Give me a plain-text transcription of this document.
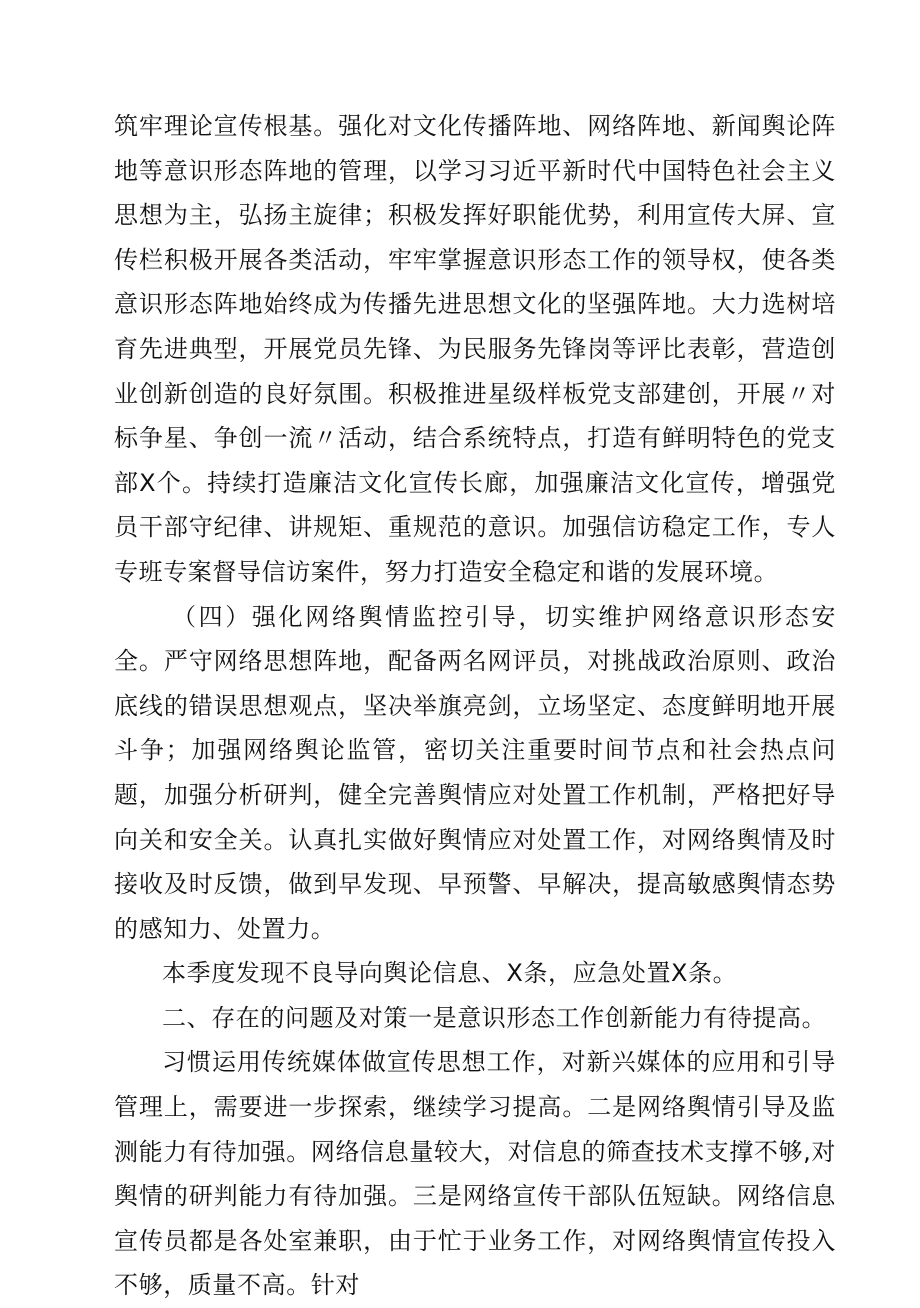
筑牢理论宣传根基。强化对文化传播阵地、网络阵地、新闻舆论阵地等意识形态阵地的管理，以学习习近平新时代中国特色社会主义思想为主，弘扬主旋律；积极发挥好职能优势，利用宣传大屏、宣传栏积极开展各类活动，牢牢掌握意识形态工作的领导权，使各类意识形态阵地始终成为传播先进思想文化的坚强阵地。大力选树培育先进典型，开展党员先锋、为民服务先锋岗等评比表彰，营造创业创新创造的良好氛围。积极推进星级样板党支部建创，开展〃对标争星、争创一流〃活动，结合系统特点，打造有鲜明特色的党支部X个。持续打造廉洁文化宣传长廊，加强廉洁文化宣传，增强党员干部守纪律、讲规矩、重规范的意识。加强信访稳定工作，专人专班专案督导信访案件，努力打造安全稳定和谐的发展环境。

（四）强化网络舆情监控引导，切实维护网络意识形态安全。严守网络思想阵地，配备两名网评员，对挑战政治原则、政治底线的错误思想观点，坚决举旗亮剑，立场坚定、态度鲜明地开展斗争；加强网络舆论监管，密切关注重要时间节点和社会热点问题，加强分析研判，健全完善舆情应对处置工作机制，严格把好导向关和安全关。认真扎实做好舆情应对处置工作，对网络舆情及时接收及时反馈，做到早发现、早预警、早解决，提高敏感舆情态势的感知力、处置力。

本季度发现不良导向舆论信息、X条，应急处置X条。

二、存在的问题及对策一是意识形态工作创新能力有待提高。

习惯运用传统媒体做宣传思想工作，对新兴媒体的应用和引导管理上，需要进一步探索，继续学习提高。二是网络舆情引导及监测能力有待加强。网络信息量较大，对信息的筛查技术支撑不够,对舆情的研判能力有待加强。三是网络宣传干部队伍短缺。网络信息宣传员都是各处室兼职，由于忙于业务工作，对网络舆情宣传投入不够，质量不高。针对
